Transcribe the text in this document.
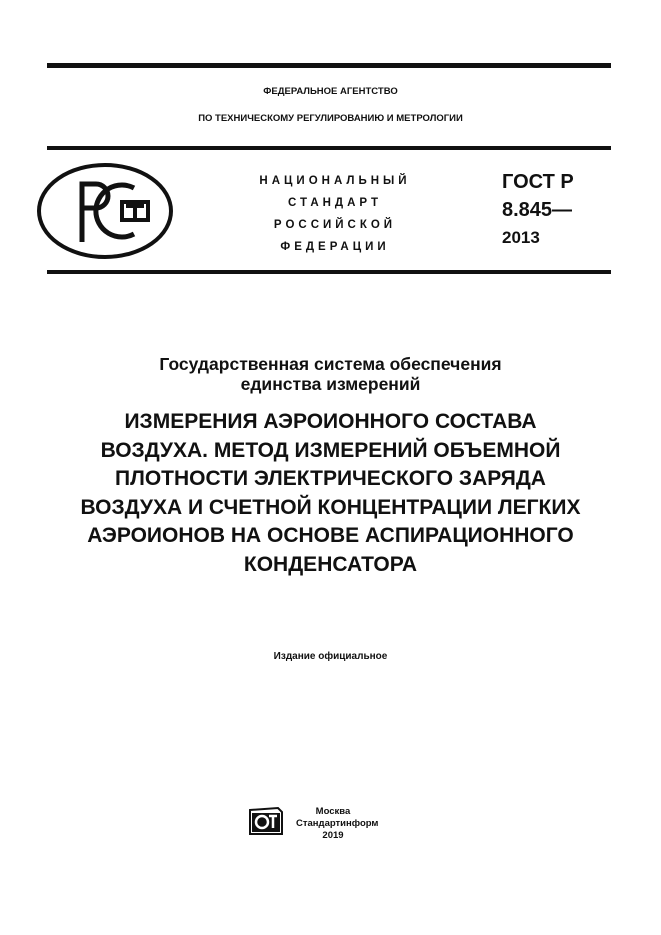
ФЕДЕРАЛЬНОЕ АГЕНТСТВО
ПО ТЕХНИЧЕСКОМУ РЕГУЛИРОВАНИЮ И МЕТРОЛОГИИ
НАЦИОНАЛЬНЫЙ
СТАНДАРТ
РОССИЙСКОЙ
ФЕДЕРАЦИИ
ГОСТ Р
8.845—
2013
Государственная система обеспечения
единства измерений
ИЗМЕРЕНИЯ АЭРОИОННОГО СОСТАВА
ВОЗДУХА. МЕТОД ИЗМЕРЕНИЙ ОБЪЕМНОЙ
ПЛОТНОСТИ ЭЛЕКТРИЧЕСКОГО ЗАРЯДА
ВОЗДУХА И СЧЕТНОЙ КОНЦЕНТРАЦИИ ЛЕГКИХ
АЭРОИОНОВ НА ОСНОВЕ АСПИРАЦИОННОГО
КОНДЕНСАТОРА
Издание официальное
Москва
Стандартинформ
2019
